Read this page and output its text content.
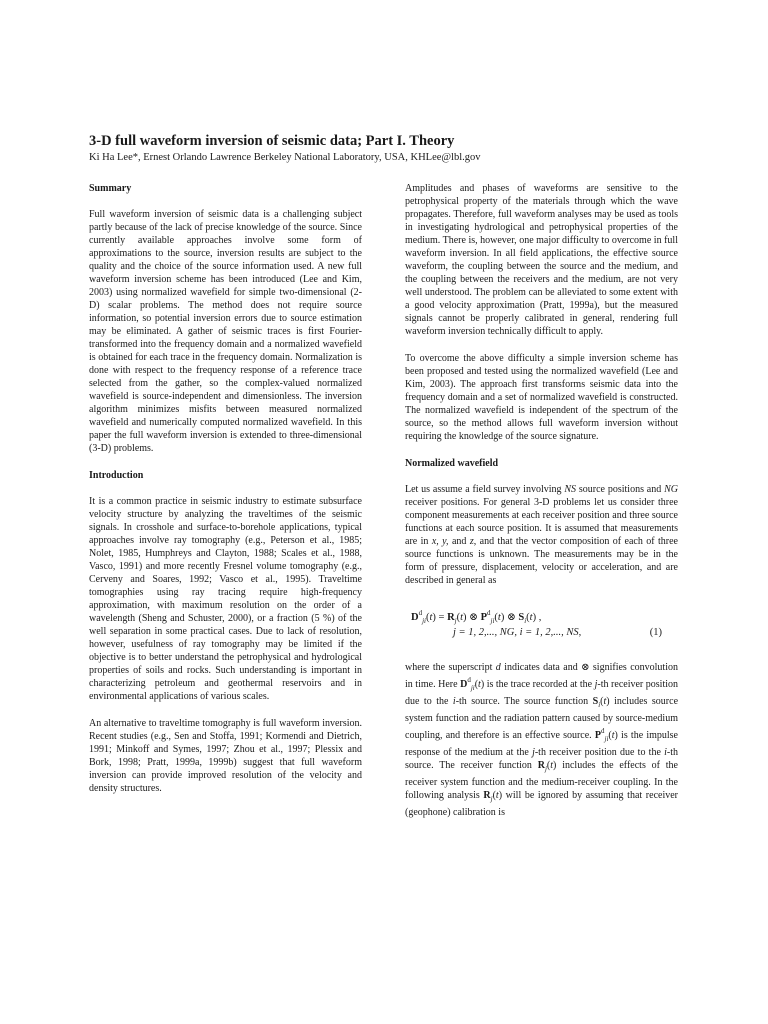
3-D full waveform inversion of seismic data; Part I. Theory

Ki Ha Lee*, Ernest Orlando Lawrence Berkeley National Laboratory, USA, KHLee@lbl.gov

Summary

Full waveform inversion of seismic data is a challenging subject partly because of the lack of precise knowledge of the source. Since currently available approaches involve some form of approximations to the source, inversion results are subject to the quality and the choice of the source information used. A new full waveform inversion scheme has been introduced (Lee and Kim, 2003) using normalized wavefield for simple two-dimensional (2-D) scalar problems. The method does not require source information, so potential inversion errors due to source estimation may be eliminated. A gather of seismic traces is first Fourier-transformed into the frequency domain and a normalized wavefield is obtained for each trace in the frequency domain. Normalization is done with respect to the frequency response of a reference trace selected from the gather, so the complex-valued normalized wavefield is source-independent and dimensionless. The inversion algorithm minimizes misfits between measured normalized wavefield and numerically computed normalized wavefield. In this paper the full waveform inversion is extended to three-dimensional (3-D) problems.

Introduction

It is a common practice in seismic industry to estimate subsurface velocity structure by analyzing the traveltimes of the seismic signals. In crosshole and surface-to-borehole applications, typical approaches involve ray tomography (e.g., Peterson et al., 1985; Nolet, 1985, Humphreys and Clayton, 1988; Scales et al., 1988, Vasco, 1991) and more recently Fresnel volume tomography (e.g., Cerveny and Soares, 1992; Vasco et al., 1995). Traveltime tomographies using ray tracing require high-frequency approximation, with maximum resolution on the order of a wavelength (Sheng and Schuster, 2000), or a fraction (5 %) of the well separation in some practical cases. Due to lack of resolution, however, usefulness of ray tomography may be limited if the objective is to better understand the petrophysical and hydrological properties of soils and rocks. Such understanding is important in characterizing petroleum and geothermal reservoirs and in environmental applications of various scales.

An alternative to traveltime tomography is full waveform inversion. Recent studies (e.g., Sen and Stoffa, 1991; Kormendi and Dietrich, 1991; Minkoff and Symes, 1997; Zhou et al., 1997; Plessix and Bork, 1998; Pratt, 1999a, 1999b) suggest that full waveform inversion can provide improved resolution of the velocity and density structures.

Amplitudes and phases of waveforms are sensitive to the petrophysical property of the materials through which the wave propagates. Therefore, full waveform analyses may be used as tools in investigating hydrological and petrophysical properties of the medium. There is, however, one major difficulty to overcome in full waveform inversion. In all field applications, the effective source waveform, the coupling between the source and the medium, and the coupling between the receivers and the medium, are not very well understood. The problem can be alleviated to some extent with a good velocity approximation (Pratt, 1999a), but the measured signals cannot be properly calibrated in general, rendering full waveform inversion technically difficult to apply.

To overcome the above difficulty a simple inversion scheme has been proposed and tested using the normalized wavefield (Lee and Kim, 2003). The approach first transforms seismic data into the frequency domain and a set of normalized wavefield is constructed. The normalized wavefield is independent of the spectrum of the source, so the method allows full waveform inversion without requiring the knowledge of the source signature.

Normalized wavefield

Let us assume a field survey involving NS source positions and NG receiver positions. For general 3-D problems let us consider three component measurements at each receiver position and three source functions at each source position. It is assumed that measurements are in x, y, and z, and that the vector composition of each of three source functions is unknown. The measurements may be in the form of pressure, displacement, velocity or acceleration, and are described in general as

$D^d_{ji}(t) = R_j(t)$ ⊗ $P^d_{ji}(t)$ ⊗ $S_i(t)$ ,
j = 1, 2,..., NG, i = 1, 2,..., NS,	(1)

where the superscript d indicates data and ⊗ signifies convolution in time. Here $D^d_{ji}(t)$ is the trace recorded at the j-th receiver position due to the i-th source. The source function $S_i(t)$ includes source system function and the radiation pattern caused by source-medium coupling, and therefore is an effective source. $P^d_{ji}(t)$ is the impulse response of the medium at the j-th receiver position due to the i-th source. The receiver function $R_j(t)$ includes the effects of the receiver system function and the medium-receiver coupling. In the following analysis $R_j(t)$ will be ignored by assuming that receiver (geophone) calibration is
